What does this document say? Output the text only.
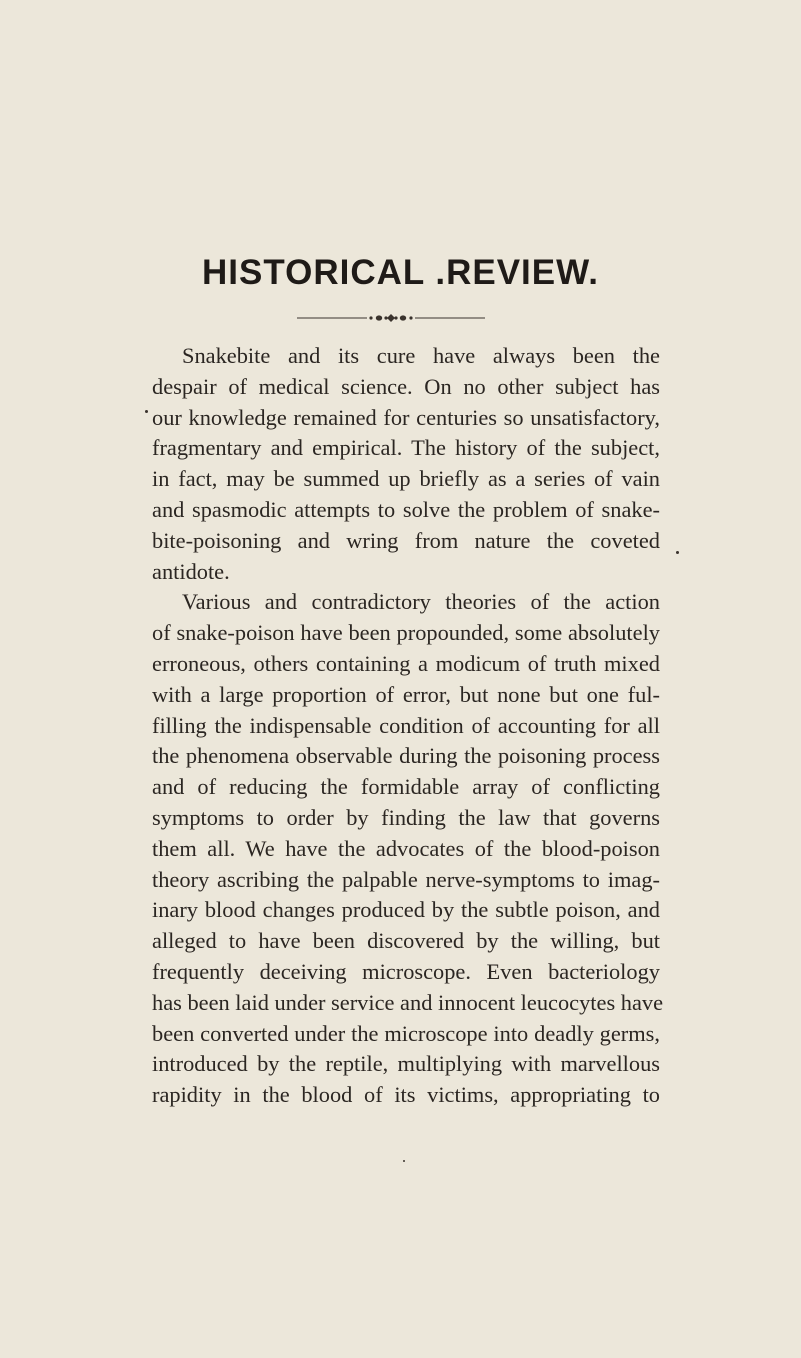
HISTORICAL .REVIEW.
Snakebite and its cure have always been the
despair of medical science. On no other subject has
our knowledge remained for centuries so unsatisfactory,
fragmentary and empirical. The history of the subject,
in fact, may be summed up briefly as a series of vain
and spasmodic attempts to solve the problem of snake-
bite-poisoning and wring from nature the coveted
antidote.
Various and contradictory theories of the action
of snake-poison have been propounded, some absolutely
erroneous, others containing a modicum of truth mixed
with a large proportion of error, but none but one ful-
filling the indispensable condition of accounting for all
the phenomena observable during the poisoning process
and of reducing the formidable array of conflicting
symptoms to order by finding the law that governs
them all. We have the advocates of the blood-poison
theory ascribing the palpable nerve-symptoms to imag-
inary blood changes produced by the subtle poison, and
alleged to have been discovered by the willing, but
frequently deceiving microscope. Even bacteriology
has been laid under service and innocent leucocytes have
been converted under the microscope into deadly germs,
introduced by the reptile, multiplying with marvellous
rapidity in the blood of its victims, appropriating to
